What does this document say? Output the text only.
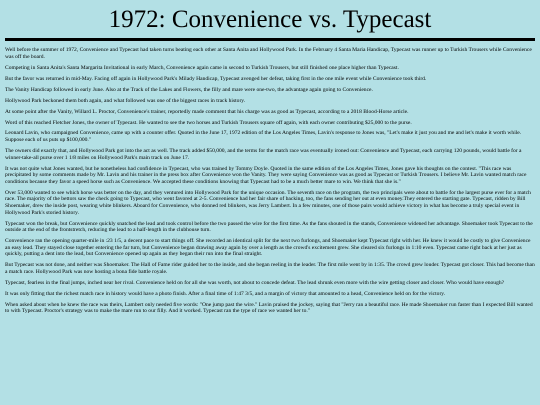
1972: Convenience vs. Typecast

Well before the summer of 1972, Convenience and Typecast had taken turns beating each other at Santa Anita and Hollywood Park. In the February 4 Santa Maria Handicap, Typecast was runner up to Turkish Trousers while Convenience was off the board.

Competing in Santa Anita's Santa Margarita Invitational in early March, Convenience again came in second to Turkish Trousers, but still finished one place higher than Typecast.

But the favor was returned in mid-May. Facing off again in Hollywood Park's Milady Handicap, Typecast avenged her defeat, taking first in the one mile event while Convenience took third.

The Vanity Handicap followed in early June. Also at the Track of the Lakes and Flowers, the filly and mare were one-two, the advantage again going to Convenience.

Hollywood Park beckoned them both again, and what followed was one of the biggest races in track history.

At some point after the Vanity, Willard L. Proctor, Convenience's trainer, reportedly made comment that his charge was as good as Typecast, according to a 2018 Blood-Horse article.

Word of this reached Fletcher Jones, the owner of Typecast. He wanted to see the two horses and Turkish Trousers square off again, with each owner contributing $25,000 to the purse.

Leonard Lavin, who campaigned Convenience, came up with a counter offer. Quoted in the June 17, 1972 edition of the Los Angeles Times, Lavin's response to Jones was, "Let's make it just you and me and let's make it worth while. Suppose each of us puts up $100,000."

The owners did exactly that, and Hollywood Park got into the act as well. The track added $50,000, and the terms for the match race was eventually ironed out: Convenience and Typecast, each carrying 120 pounds, would battle for a winner-take-all purse over 1 1/8 miles on Hollywood Park's main track on June 17.

It was not quite what Jones wanted, but he nonetheless had confidence in Typecast, who was trained by Tommy Doyle. Quoted in the same edition of the Los Angeles Times, Jones gave his thoughts on the contest. "This race was precipitated by some comments made by Mr. Lavin and his trainer in the press box after Convenience won the Vanity. They were saying Convenience was as good as Typecast or Turkish Trousers. I believe Mr. Lavin wanted match race conditions because they favor a speed horse such as Convenience. We accepted these conditions knowing that Typecast had to be a much better mare to win. We think that she is."

Over 53,000 wanted to see which horse was better on the day, and they ventured into Hollywood Park for the unique occasion. The seventh race on the program, the two principals were about to battle for the largest purse ever for a match race. The majority of the bettors saw the check going to Typecast, who went favored at 2-5. Convenience had her fair share of backing, too, the fans sending her out at even money.They entered the starting gate. Typecast, ridden by Bill Shoemaker, drew the inside post, wearing white blinkers. Aboard for Convenience, who donned red blinkers, was Jerry Lambert. In a few minutes, one of those pairs would achieve victory in what has become a truly special event in Hollywood Park's storied history.

Typecast won the break, but Convenience quickly snatched the lead and took control before the two passed the wire for the first time. As the fans shouted in the stands, Convenience widened her advantage. Shoemaker took Typecast to the outside at the end of the frontstretch, reducing the lead to a half-length in the clubhouse turn.

Convenience ran the opening quarter-mile in :23 1/5, a decent pace to start things off. She recorded an identical split for the next two furlongs, and Shoemaker kept Typecast right with her. He knew it would be costly to give Convenience an easy lead. They stayed close together entering the far turn, but Convenience began drawing away again by over a length as the crowd's excitement grew. She cleared six furlongs in 1:10 even. Typecast came right back at her just as quickly, putting a dent into the lead, but Convenience opened up again as they began their run into the final straight.

But Typecast was not done, and neither was Shoemaker. The Hall of Fame rider guided her to the inside, and she began reeling in the leader. The first mile went by in 1:35. The crowd grew louder. Typecast got closer. This had become than a match race. Hollywood Park was now hosting a bona fide battle royale.

Typecast, fearless in the final jumps, inched near her rival. Convenience held on for all she was worth, not about to concede defeat. The lead shrunk even more with the wire getting closer and closer. Who would have enough?

It was only fitting that the richest match race in history would have a photo finish. After a final time of 1:47 3/5, and a margin of victory that amounted to a head, Convenience held on for the victory.

When asked about when he knew the race was theirs, Lambert only needed five words: "One jump past the wire." Lavin praised the jockey, saying that "Jerry ran a beautiful race. He made Shoemaker run faster than I expected Bill wanted to with Typecast. Proctor's strategy was to make the mare run to our filly. And it worked. Typecast ran the type of race we wanted her to."
